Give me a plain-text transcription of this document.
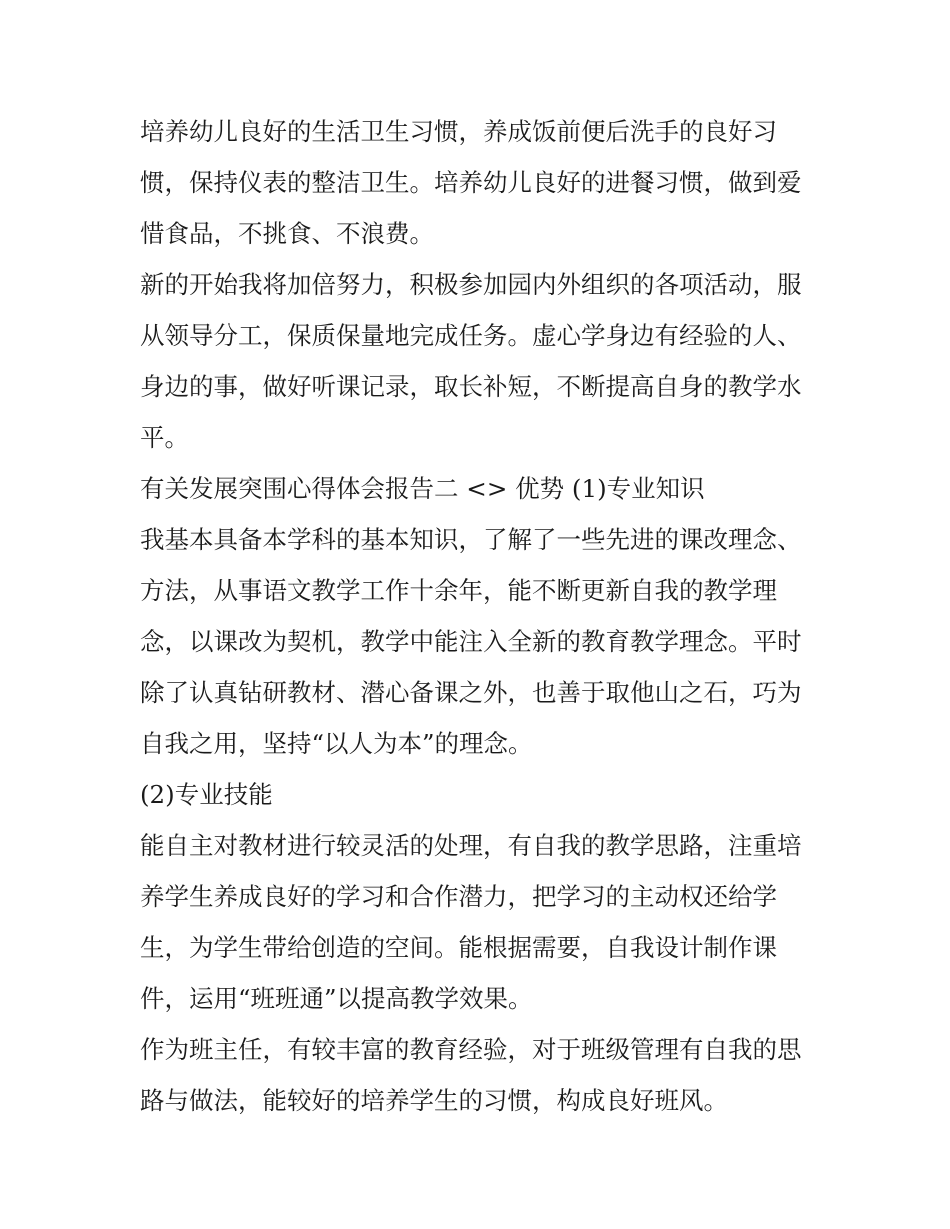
培养幼儿良好的生活卫生习惯，养成饭前便后洗手的良好习
惯，保持仪表的整洁卫生。培养幼儿良好的进餐习惯，做到爱
惜食品，不挑食、不浪费。

新的开始我将加倍努力，积极参加园内外组织的各项活动，服
从领导分工，保质保量地完成任务。虚心学身边有经验的人、
身边的事，做好听课记录，取长补短，不断提高自身的教学水
平。

有关发展突围心得体会报告二 <> 优势 (1)专业知识

我基本具备本学科的基本知识，了解了一些先进的课改理念、
方法，从事语文教学工作十余年，能不断更新自我的教学理
念，以课改为契机，教学中能注入全新的教育教学理念。平时
除了认真钻研教材、潜心备课之外，也善于取他山之石，巧为
自我之用，坚持“以人为本”的理念。

(2)专业技能

能自主对教材进行较灵活的处理，有自我的教学思路，注重培
养学生养成良好的学习和合作潜力，把学习的主动权还给学
生，为学生带给创造的空间。能根据需要，自我设计制作课
件，运用“班班通”以提高教学效果。

作为班主任，有较丰富的教育经验，对于班级管理有自我的思
路与做法，能较好的培养学生的习惯，构成良好班风。
